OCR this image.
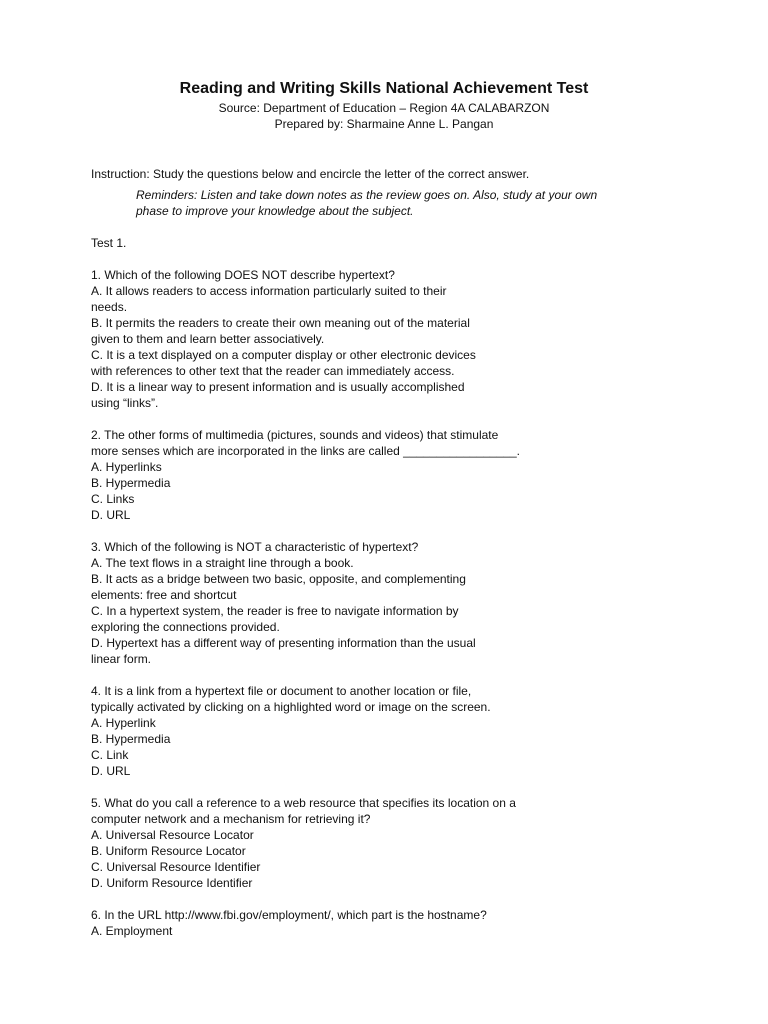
Reading and Writing Skills National Achievement Test

Source: Department of Education – Region 4A CALABARZON

Prepared by: Sharmaine Anne L. Pangan

Instruction: Study the questions below and encircle the letter of the correct answer.

Reminders: Listen and take down notes as the review goes on. Also, study at your own

phase to improve your knowledge about the subject.

Test 1.

1. Which of the following DOES NOT describe hypertext?

A. It allows readers to access information particularly suited to their

needs.

B. It permits the readers to create their own meaning out of the material

given to them and learn better associatively.

C. It is a text displayed on a computer display or other electronic devices

with references to other text that the reader can immediately access.

D. It is a linear way to present information and is usually accomplished

using “links”.

2. The other forms of multimedia (pictures, sounds and videos) that stimulate

more senses which are incorporated in the links are called _________________.

A. Hyperlinks

B. Hypermedia

C. Links

D. URL

3. Which of the following is NOT a characteristic of hypertext?

A. The text flows in a straight line through a book.

B. It acts as a bridge between two basic, opposite, and complementing

elements: free and shortcut

C. In a hypertext system, the reader is free to navigate information by

exploring the connections provided.

D. Hypertext has a different way of presenting information than the usual

linear form.

4. It is a link from a hypertext file or document to another location or file,

typically activated by clicking on a highlighted word or image on the screen.

A. Hyperlink

B. Hypermedia

C. Link

D. URL

5. What do you call a reference to a web resource that specifies its location on a

computer network and a mechanism for retrieving it?

A. Universal Resource Locator

B. Uniform Resource Locator

C. Universal Resource Identifier

D. Uniform Resource Identifier

6. In the URL http://www.fbi.gov/employment/, which part is the hostname?

A. Employment
